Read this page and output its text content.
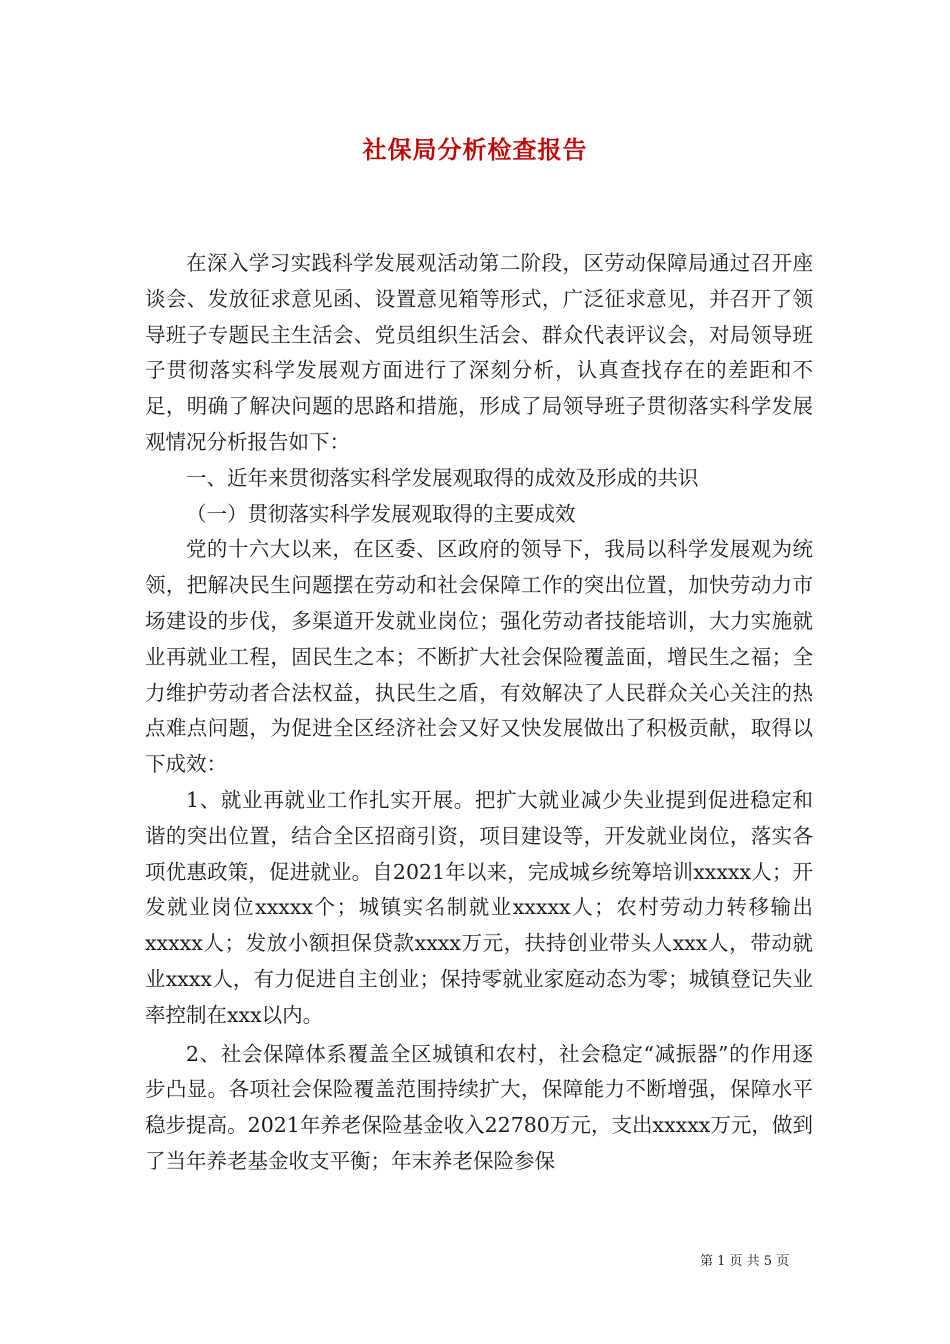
社保局分析检查报告

在深入学习实践科学发展观活动第二阶段，区劳动保障局通过召开座谈会、发放征求意见函、设置意见箱等形式，广泛征求意见，并召开了领导班子专题民主生活会、党员组织生活会、群众代表评议会，对局领导班子贯彻落实科学发展观方面进行了深刻分析，认真查找存在的差距和不足，明确了解决问题的思路和措施，形成了局领导班子贯彻落实科学发展观情况分析报告如下：

一、近年来贯彻落实科学发展观取得的成效及形成的共识

（一）贯彻落实科学发展观取得的主要成效

党的十六大以来，在区委、区政府的领导下，我局以科学发展观为统领，把解决民生问题摆在劳动和社会保障工作的突出位置，加快劳动力市场建设的步伐，多渠道开发就业岗位；强化劳动者技能培训，大力实施就业再就业工程，固民生之本；不断扩大社会保险覆盖面，增民生之福；全力维护劳动者合法权益，执民生之盾，有效解决了人民群众关心关注的热点难点问题，为促进全区经济社会又好又快发展做出了积极贡献，取得以下成效：

1、就业再就业工作扎实开展。把扩大就业减少失业提到促进稳定和谐的突出位置，结合全区招商引资，项目建设等，开发就业岗位，落实各项优惠政策，促进就业。自2021年以来，完成城乡统筹培训xxxxx人；开发就业岗位xxxxx个；城镇实名制就业xxxxx人；农村劳动力转移输出xxxxx人；发放小额担保贷款xxxx万元，扶持创业带头人xxx人，带动就业xxxx人，有力促进自主创业；保持零就业家庭动态为零；城镇登记失业率控制在xxx以内。

2、社会保障体系覆盖全区城镇和农村，社会稳定“减振器”的作用逐步凸显。各项社会保险覆盖范围持续扩大，保障能力不断增强，保障水平稳步提高。2021年养老保险基金收入22780万元，支出xxxxx万元，做到了当年养老基金收支平衡；年末养老保险参保

第 1 页 共 5 页
